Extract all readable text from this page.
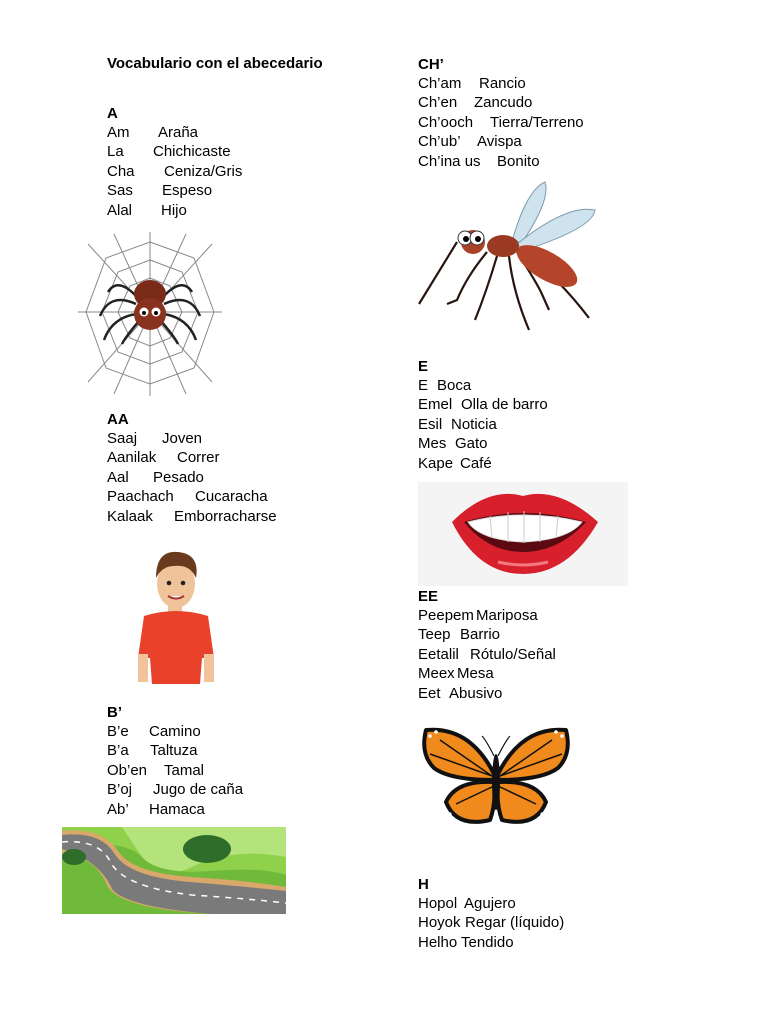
Vocabulario con el abecedario
A
Am Araña
La Chichicaste
Cha Ceniza/Gris
Sas Espeso
Alal Hijo
AA
Saaj Joven
Aanilak Correr
Aal Pesado
Paachach Cucaracha
Kalaak Emborracharse
B’
B’e Camino
B’a Taltuza
Ob’en Tamal
B’oj Jugo de caña
Ab’ Hamaca
CH’
Ch’am Rancio
Ch’en Zancudo
Ch’ooch Tierra/Terreno
Ch’ub’ Avispa
Ch’ina us Bonito
E
E Boca
Emel Olla de barro
Esil Noticia
Mes Gato
Kape Café
EE
Peepem Mariposa
Teep Barrio
Eetalil Rótulo/Señal
Meex Mesa
Eet Abusivo
H
Hopol Agujero
Hoyok Regar (líquido)
Helho Tendido
